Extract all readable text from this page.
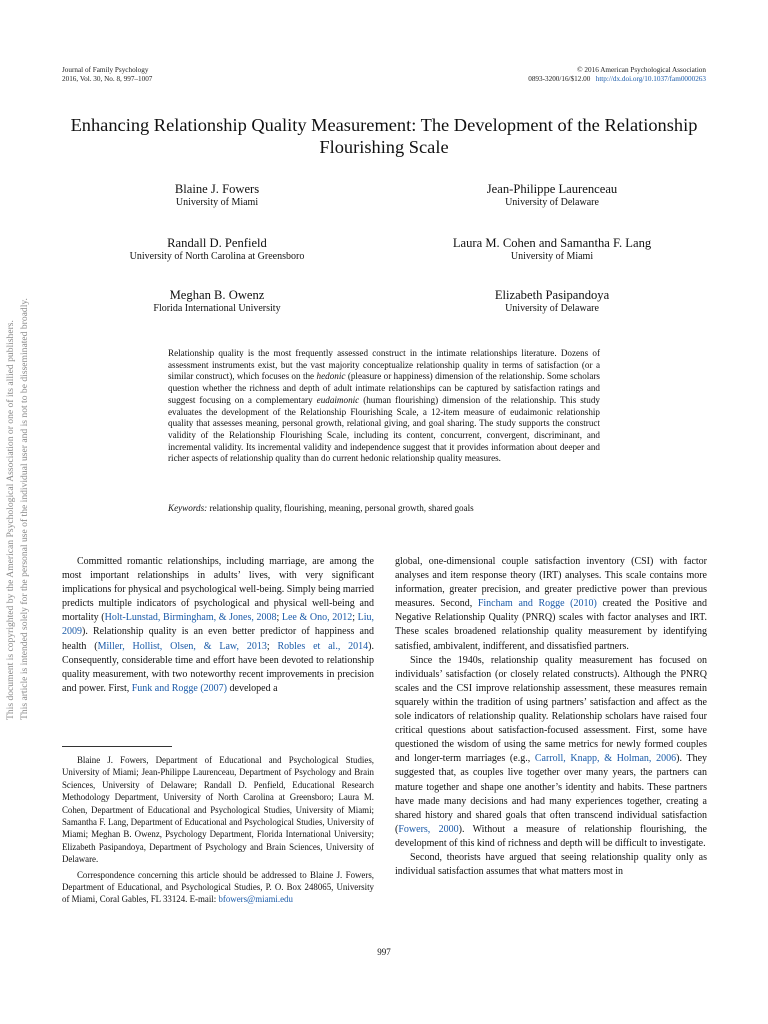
Journal of Family Psychology
2016, Vol. 30, No. 8, 997–1007
© 2016 American Psychological Association
0893-3200/16/$12.00 http://dx.doi.org/10.1037/fam0000263
Enhancing Relationship Quality Measurement: The Development of the Relationship Flourishing Scale
Blaine J. Fowers
University of Miami
Jean-Philippe Laurenceau
University of Delaware
Randall D. Penfield
University of North Carolina at Greensboro
Laura M. Cohen and Samantha F. Lang
University of Miami
Meghan B. Owenz
Florida International University
Elizabeth Pasipandoya
University of Delaware
Relationship quality is the most frequently assessed construct in the intimate relationships literature. Dozens of assessment instruments exist, but the vast majority conceptualize relationship quality in terms of satisfaction (or a similar construct), which focuses on the hedonic (pleasure or happiness) dimension of the relationship. Some scholars question whether the richness and depth of adult intimate relationships can be captured by satisfaction ratings and suggest focusing on a complementary eudaimonic (human flourishing) dimension of the relationship. This study evaluates the development of the Relationship Flourishing Scale, a 12-item measure of eudaimonic relationship quality that assesses meaning, personal growth, relational giving, and goal sharing. The study supports the construct validity of the Relationship Flourishing Scale, including its content, concurrent, convergent, discriminant, and incremental validity. Its incremental validity and independence suggest that it provides information about deeper and richer aspects of relationship quality than do current hedonic relationship quality measures.
Keywords: relationship quality, flourishing, meaning, personal growth, shared goals

Committed romantic relationships, including marriage, are among the most important relationships in adults’ lives, with very significant implications for physical and psychological well-being. Simply being married predicts multiple indicators of psychological and physical well-being and mortality (Holt-Lunstad, Birmingham, & Jones, 2008; Lee & Ono, 2012; Liu, 2009). Relationship quality is an even better predictor of happiness and health (Miller, Hollist, Olsen, & Law, 2013; Robles et al., 2014). Consequently, considerable time and effort have been devoted to relationship quality measurement, with two noteworthy recent improvements in precision and power. First, Funk and Rogge (2007) developed a

Blaine J. Fowers, Department of Educational and Psychological Studies, University of Miami; Jean-Philippe Laurenceau, Department of Psychology and Brain Sciences, University of Delaware; Randall D. Penfield, Educational Research Methodology Department, University of North Carolina at Greensboro; Laura M. Cohen, Department of Educational and Psychological Studies, University of Miami; Samantha F. Lang, Department of Educational and Psychological Studies, University of Miami; Meghan B. Owenz, Psychology Department, Florida International University; Elizabeth Pasipandoya, Department of Psychology and Brain Sciences, University of Delaware.

Correspondence concerning this article should be addressed to Blaine J. Fowers, Department of Educational, and Psychological Studies, P. O. Box 248065, University of Miami, Coral Gables, FL 33124. E-mail: bfowers@miami.edu

global, one-dimensional couple satisfaction inventory (CSI) with factor analyses and item response theory (IRT) analyses. This scale contains more information, greater precision, and greater predictive power than previous measures. Second, Fincham and Rogge (2010) created the Positive and Negative Relationship Quality (PNRQ) scales with factor analyses and IRT. These scales broadened relationship quality measurement by identifying satisfied, ambivalent, indifferent, and dissatisfied partners.

Since the 1940s, relationship quality measurement has focused on individuals’ satisfaction (or closely related constructs). Although the PNRQ scales and the CSI improve relationship assessment, these measures remain squarely within the tradition of using partners’ satisfaction and affect as the sole indicators of relationship quality. Relationship scholars have raised four critical questions about satisfaction-focused assessment. First, some have questioned the wisdom of using the same metrics for newly formed couples and longer-term marriages (e.g., Carroll, Knapp, & Holman, 2006). They suggested that, as couples live together over many years, the partners can mature together and shape one another’s identity and habits. These partners have made many decisions and had many experiences together, creating a shared history and shared goals that often transcend individual satisfaction (Fowers, 2000). Without a measure of relationship flourishing, the development of this kind of richness and depth will be difficult to investigate.

Second, theorists have argued that seeing relationship quality only as individual satisfaction assumes that what matters most in

997
This document is copyrighted by the American Psychological Association or one of its allied publishers. This article is intended solely for the personal use of the individual user and is not to be disseminated broadly.
